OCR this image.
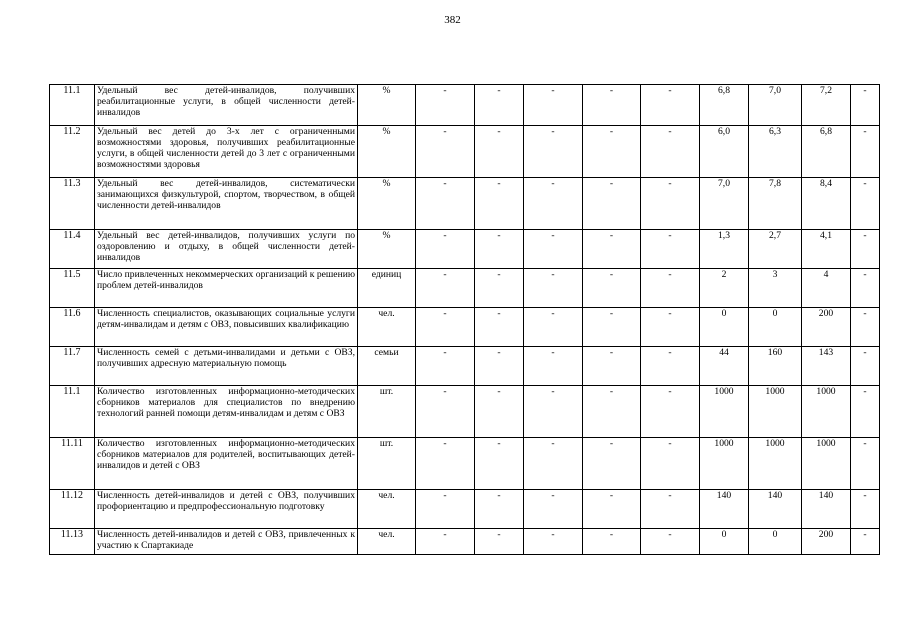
382
11.1	Удельный вес детей-инвалидов, получивших реабилитационные услуги, в общей численности детей-инвалидов	%	-	-	-	-	-	6,8	7,0	7,2	-
11.2	Удельный вес детей до 3-х лет с ограниченными возможностями здоровья, получивших реабилитационные услуги, в общей численности детей до 3 лет с ограниченными возможностями здоровья	%	-	-	-	-	-	6,0	6,3	6,8	-
11.3	Удельный вес детей-инвалидов, систематически занимающихся физкультурой, спортом, творчеством, в общей численности детей-инвалидов	%	-	-	-	-	-	7,0	7,8	8,4	-
11.4	Удельный вес детей-инвалидов, получивших услуги по оздоровлению и отдыху, в общей численности детей-инвалидов	%	-	-	-	-	-	1,3	2,7	4,1	-
11.5	Число привлеченных некоммерческих организаций к решению проблем детей-инвалидов	единиц	-	-	-	-	-	2	3	4	-
11.6	Численность специалистов, оказывающих социальные услуги детям-инвалидам и детям с ОВЗ, повысивших квалификацию	чел.	-	-	-	-	-	0	0	200	-
11.7	Численность семей с детьми-инвалидами и детьми с ОВЗ, получивших адресную материальную помощь	семьи	-	-	-	-	-	44	160	143	-
11.1	Количество изготовленных информационно-методических сборников материалов для специалистов по внедрению технологий ранней помощи детям-инвалидам и детям с ОВЗ	шт.	-	-	-	-	-	1000	1000	1000	-
11.11	Количество изготовленных информационно-методических сборников материалов для родителей, воспитывающих детей-инвалидов и детей с ОВЗ	шт.	-	-	-	-	-	1000	1000	1000	-
11.12	Численность детей-инвалидов и детей с ОВЗ, получивших профориентацию и предпрофессиональную подготовку	чел.	-	-	-	-	-	140	140	140	-
11.13	Численность детей-инвалидов и детей с ОВЗ, привлеченных к участию к Спартакиаде	чел.	-	-	-	-	-	0	0	200	-
